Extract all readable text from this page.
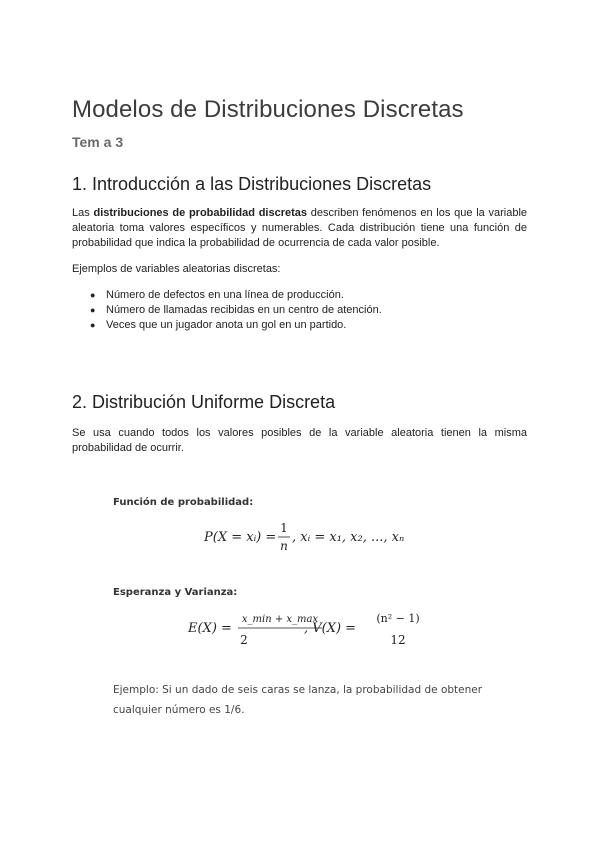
Modelos de Distribuciones Discretas

Tem a 3

1. Introducción a las Distribuciones Discretas

Las distribuciones de probabilidad discretas describen fenómenos en los que la variable aleatoria toma valores específicos y numerables. Cada distribución tiene una función de probabilidad que indica la probabilidad de ocurrencia de cada valor posible.

Ejemplos de variables aleatorias discretas:

● Número de defectos en una línea de producción.
● Número de llamadas recibidas en un centro de atención.
● Veces que un jugador anota un gol en un partido.
2. Distribución Uniforme Discreta

Se usa cuando todos los valores posibles de la variable aleatoria tienen la misma probabilidad de ocurrir.

Función de probabilidad:

P(X = xᵢ) =
1
n
, xᵢ = x₁, x₂, ..., xₙ

Esperanza y Varianza:

E(X) =
x_min + x_max
2
, V(X) =
(n² − 1)
12

Ejemplo: Si un dado de seis caras se lanza, la probabilidad de obtener cualquier número es 1/6.
